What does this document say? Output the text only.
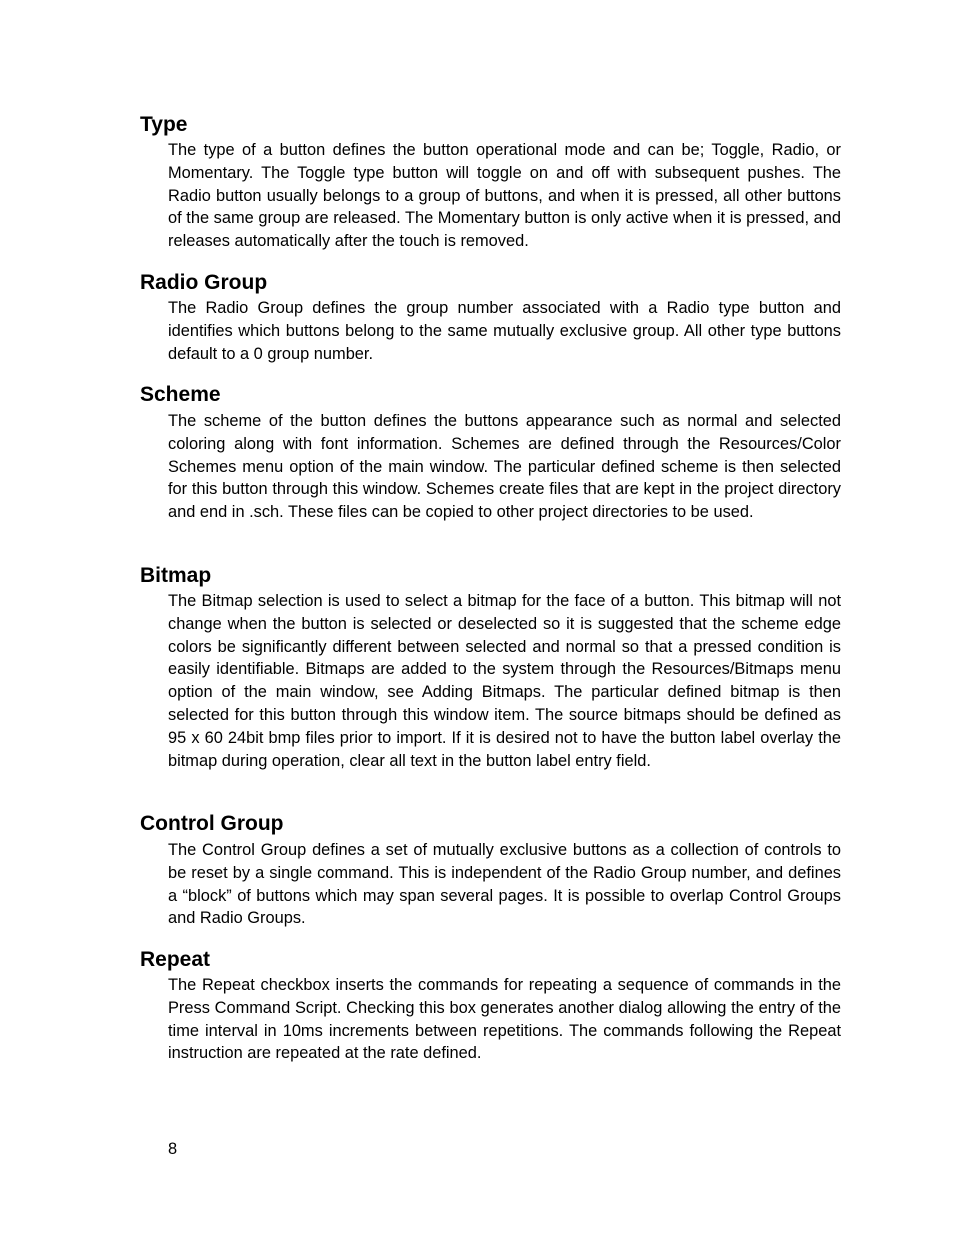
Type

The type of a button defines the button operational mode and can be; Toggle, Radio, or Momentary. The Toggle type button will toggle on and off with subsequent pushes. The Radio button usually belongs to a group of buttons, and when it is pressed, all other buttons of the same group are released. The Momentary button is only active when it is pressed, and releases automatically after the touch is removed.

Radio Group

The Radio Group defines the group number associated with a Radio type button and identifies which buttons belong to the same mutually exclusive group. All other type buttons default to a 0 group number.

Scheme

The scheme of the button defines the buttons appearance such as normal and selected coloring along with font information. Schemes are defined through the Resources/Color Schemes menu option of the main window. The particular defined scheme is then selected for this button through this window. Schemes create files that are kept in the project directory and end in .sch. These files can be copied to other project directories to be used.

Bitmap

The Bitmap selection is used to select a bitmap for the face of a button. This bitmap will not change when the button is selected or deselected so it is suggested that the scheme edge colors be significantly different between selected and normal so that a pressed condition is easily identifiable. Bitmaps are added to the system through the Resources/Bitmaps menu option of the main window, see Adding Bitmaps. The particular defined bitmap is then selected for this button through this window item. The source bitmaps should be defined as 95 x 60 24bit bmp files prior to import. If it is desired not to have the button label overlay the bitmap during operation, clear all text in the button label entry field.

Control Group

The Control Group defines a set of mutually exclusive buttons as a collection of controls to be reset by a single command. This is independent of the Radio Group number, and defines a “block” of buttons which may span several pages. It is possible to overlap Control Groups and Radio Groups.

Repeat

The Repeat checkbox inserts the commands for repeating a sequence of commands in the Press Command Script. Checking this box generates another dialog allowing the entry of the time interval in 10ms increments between repetitions. The commands following the Repeat instruction are repeated at the rate defined.

8
